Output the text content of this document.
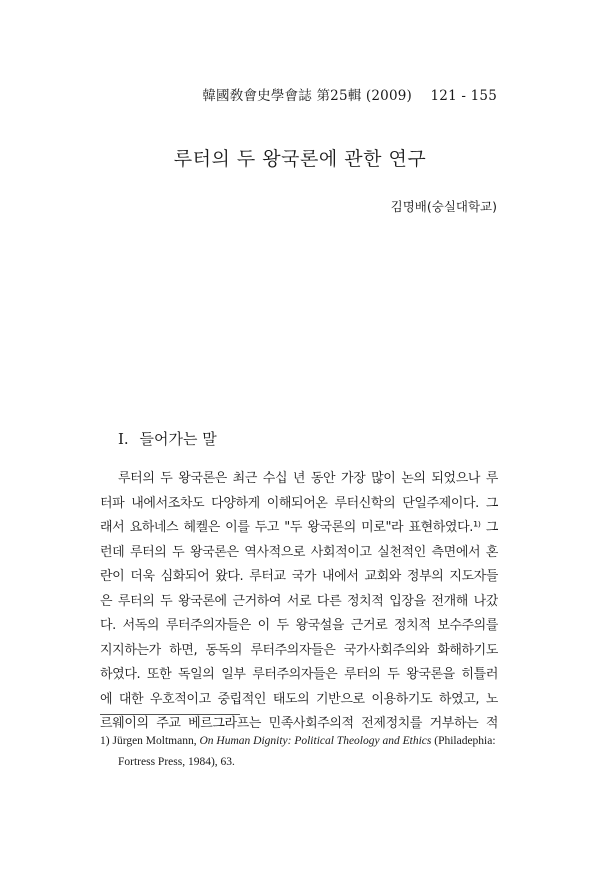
韓國敎會史學會誌 第25輯 (2009) 121 - 155
루터의 두 왕국론에 관한 연구
김명배(숭실대학교)
I. 들어가는 말
루터의 두 왕국론은 최근 수십 년 동안 가장 많이 논의 되었으나 루
터파 내에서조차도 다양하게 이해되어온 루터신학의 단일주제이다. 그
래서 요하네스 헤켈은 이를 두고 "두 왕국론의 미로"라 표현하였다.¹⁾ 그
런데 루터의 두 왕국론은 역사적으로 사회적이고 실천적인 측면에서 혼
란이 더욱 심화되어 왔다. 루터교 국가 내에서 교회와 정부의 지도자들
은 루터의 두 왕국론에 근거하여 서로 다른 정치적 입장을 전개해 나갔
다. 서독의 루터주의자들은 이 두 왕국설을 근거로 정치적 보수주의를
지지하는가 하면, 동독의 루터주의자들은 국가사회주의와 화해하기도
하였다. 또한 독일의 일부 루터주의자들은 루터의 두 왕국론을 히틀러
에 대한 우호적이고 중립적인 태도의 기반으로 이용하기도 하였고, 노
르웨이의 주교 베르그라프는 민족사회주의적 전제정치를 거부하는 적
1) Jürgen Moltmann, On Human Dignity: Political Theology and Ethics (Philadephia:
Fortress Press, 1984), 63.
